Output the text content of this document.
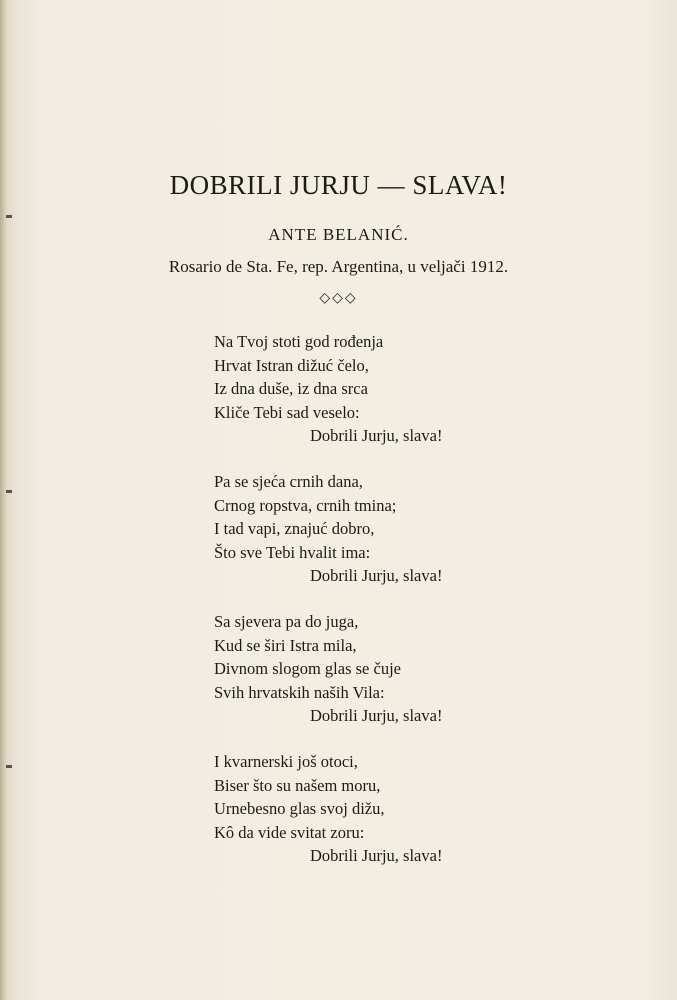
DOBRILI JURJU — SLAVA!
ANTE BELANIĆ.
Rosario de Sta. Fe, rep. Argentina, u veljači 1912.
◇◇◇
Na Tvoj stoti god rođenja
Hrvat Istran dižuć čelo,
Iz dna duše, iz dna srca
Kliče Tebi sad veselo:
Dobrili Jurju, slava!
Pa se sjeća crnih dana,
Crnog ropstva, crnih tmina;
I tad vapi, znajuć dobro,
Što sve Tebi hvalit ima:
Dobrili Jurju, slava!
Sa sjevera pa do juga,
Kud se širi Istra mila,
Divnom slogom glas se čuje
Svih hrvatskih naših Vila:
Dobrili Jurju, slava!
I kvarnerski još otoci,
Biser što su našem moru,
Urnebesno glas svoj dižu,
Kô da vide svitat zoru:
Dobrili Jurju, slava!
